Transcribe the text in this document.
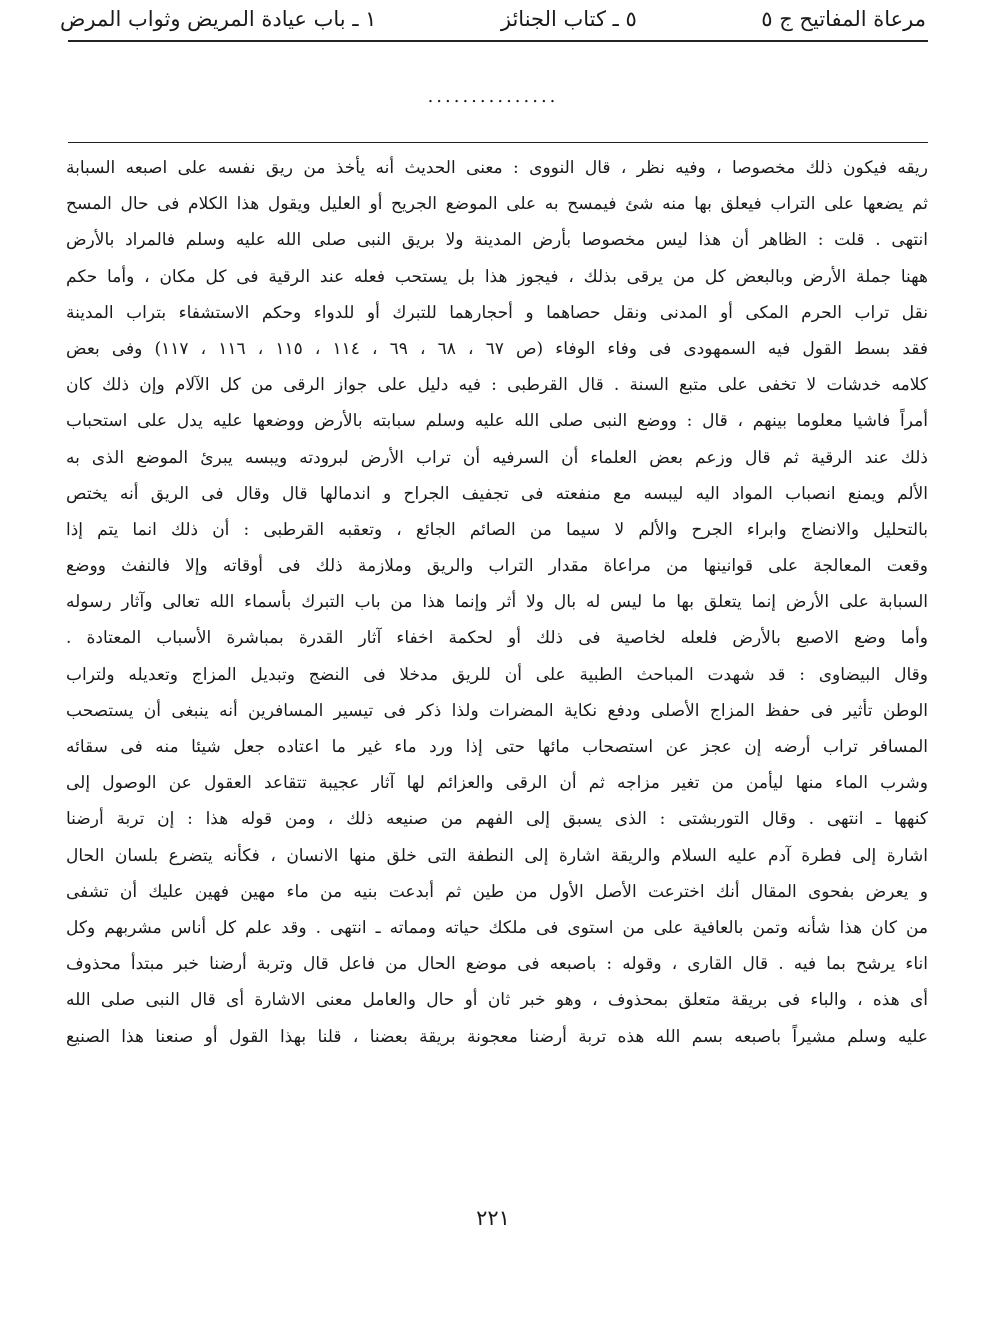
مرعاة المفاتيح ج ٥
٥ ـ كتاب الجنائز
١ ـ باب عيادة المريض وثواب المرض
...............
ريقه فيكون ذلك مخصوصا ، وفيه نظر ، قال النووى : معنى الحديث أنه يأخذ من ريق نفسه على اصبعه السبابة
ثم يضعها على التراب فيعلق بها منه شئ فيمسح به على الموضع الجريح أو العليل ويقول هذا الكلام فى حال المسح
انتهى . قلت : الظاهر أن هذا ليس مخصوصا بأرض المدينة ولا بريق النبى صلى الله عليه وسلم فالمراد بالأرض
ههنا جملة الأرض وبالبعض كل من يرقى بذلك ، فيجوز هذا بل يستحب فعله عند الرقية فى كل مكان ، وأما حكم
نقل تراب الحرم المكى أو المدنى ونقل حصاهما و أحجارهما للتبرك أو للدواء وحكم الاستشفاء بتراب المدينة
فقد بسط القول فيه السمهودى فى وفاء الوفاء (ص ٦٧ ، ٦٨ ، ٦٩ ، ١١٤ ، ١١٥ ، ١١٦ ، ١١٧) وفى بعض
كلامه خدشات لا تخفى على متبع السنة . قال القرطبى : فيه دليل على جواز الرقى من كل الآلام وإن ذلك كان
أمراً فاشيا معلوما بينهم ، قال : ووضع النبى صلى الله عليه وسلم سبابته بالأرض ووضعها عليه يدل على استحباب
ذلك عند الرقية ثم قال وزعم بعض العلماء أن السرفيه أن تراب الأرض لبرودته ويبسه يبرئ الموضع الذى به
الألم ويمنع انصباب المواد اليه ليبسه مع منفعته فى تجفيف الجراح و اندمالها قال وقال فى الريق أنه يختص
بالتحليل والانضاج وابراء الجرح والألم لا سيما من الصائم الجائع ، وتعقبه القرطبى : أن ذلك انما يتم إذا
وقعت المعالجة على قوانينها من مراعاة مقدار التراب والريق وملازمة ذلك فى أوقاته وإلا فالنفث ووضع
السبابة على الأرض إنما يتعلق بها ما ليس له بال ولا أثر وإنما هذا من باب التبرك بأسماء الله تعالى وآثار رسوله
وأما وضع الاصبع بالأرض فلعله لخاصية فى ذلك أو لحكمة اخفاء آثار القدرة بمباشرة الأسباب المعتادة .
وقال البيضاوى : قد شهدت المباحث الطبية على أن للريق مدخلا فى النضج وتبديل المزاج وتعديله ولتراب
الوطن تأثير فى حفظ المزاج الأصلى ودفع نكاية المضرات ولذا ذكر فى تيسير المسافرين أنه ينبغى أن يستصحب
المسافر تراب أرضه إن عجز عن استصحاب مائها حتى إذا ورد ماء غير ما اعتاده جعل شيئا منه فى سقائه
وشرب الماء منها ليأمن من تغير مزاجه ثم أن الرقى والعزائم لها آثار عجيبة تتقاعد العقول عن الوصول إلى
كنهها ـ انتهى . وقال التوربشتى : الذى يسبق إلى الفهم من صنيعه ذلك ، ومن قوله هذا : إن تربة أرضنا
اشارة إلى فطرة آدم عليه السلام والريقة اشارة إلى النطفة التى خلق منها الانسان ، فكأنه يتضرع بلسان الحال
و يعرض بفحوى المقال أنك اخترعت الأصل الأول من طين ثم أبدعت بنيه من ماء مهين فهين عليك أن تشفى
من كان هذا شأنه وتمن بالعافية على من استوى فى ملكك حياته ومماته ـ انتهى . وقد علم كل أناس مشربهم وكل
اناء يرشح بما فيه . قال القارى ، وقوله : باصبعه فى موضع الحال من فاعل قال وتربة أرضنا خبر مبتدأ محذوف
أى هذه ، والباء فى بريقة متعلق بمحذوف ، وهو خبر ثان أو حال والعامل معنى الاشارة أى قال النبى صلى الله
عليه وسلم مشيراً باصبعه بسم الله هذه تربة أرضنا معجونة بريقة بعضنا ، قلنا بهذا القول أو صنعنا هذا الصنيع
٢٢١
